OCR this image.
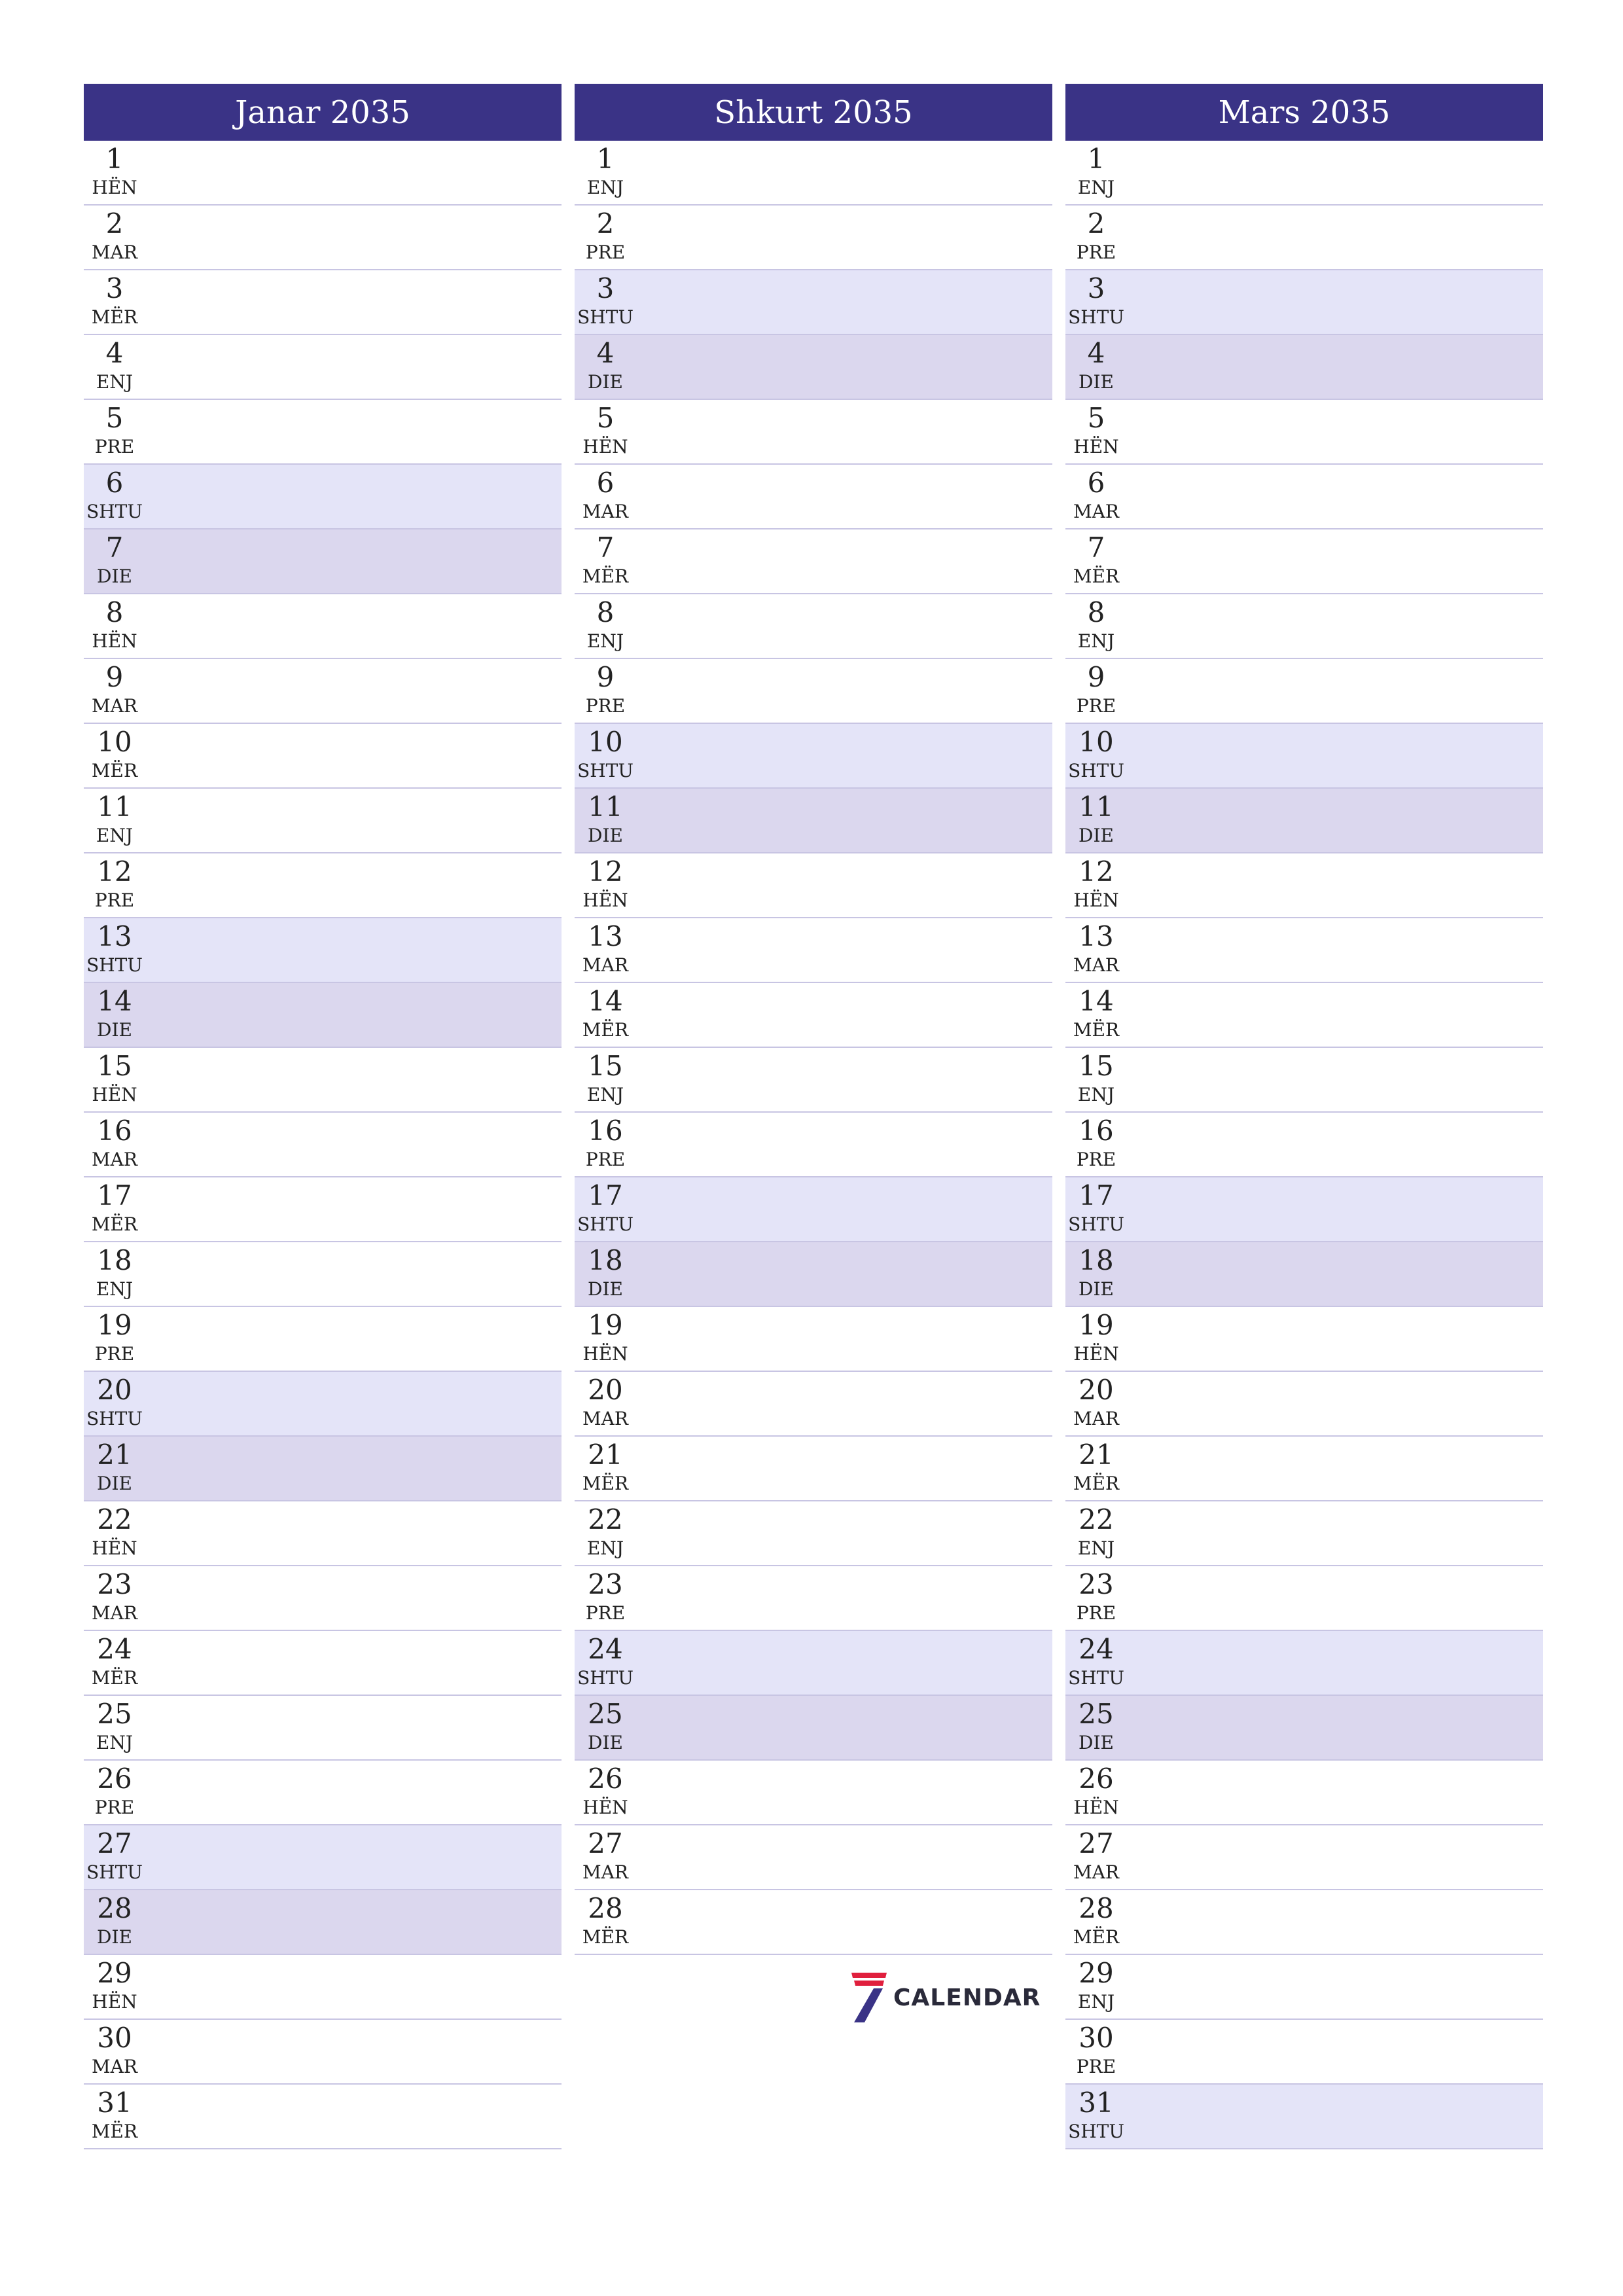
Janar 2035
1
HËN
2
MAR
3
MËR
4
ENJ
5
PRE
6
SHTU
7
DIE
8
HËN
9
MAR
10
MËR
11
ENJ
12
PRE
13
SHTU
14
DIE
15
HËN
16
MAR
17
MËR
18
ENJ
19
PRE
20
SHTU
21
DIE
22
HËN
23
MAR
24
MËR
25
ENJ
26
PRE
27
SHTU
28
DIE
29
HËN
30
MAR
31
MËR
Shkurt 2035
1
ENJ
2
PRE
3
SHTU
4
DIE
5
HËN
6
MAR
7
MËR
8
ENJ
9
PRE
10
SHTU
11
DIE
12
HËN
13
MAR
14
MËR
15
ENJ
16
PRE
17
SHTU
18
DIE
19
HËN
20
MAR
21
MËR
22
ENJ
23
PRE
24
SHTU
25
DIE
26
HËN
27
MAR
28
MËR
Mars 2035
1
ENJ
2
PRE
3
SHTU
4
DIE
5
HËN
6
MAR
7
MËR
8
ENJ
9
PRE
10
SHTU
11
DIE
12
HËN
13
MAR
14
MËR
15
ENJ
16
PRE
17
SHTU
18
DIE
19
HËN
20
MAR
21
MËR
22
ENJ
23
PRE
24
SHTU
25
DIE
26
HËN
27
MAR
28
MËR
29
ENJ
30
PRE
31
SHTU
CALENDAR
